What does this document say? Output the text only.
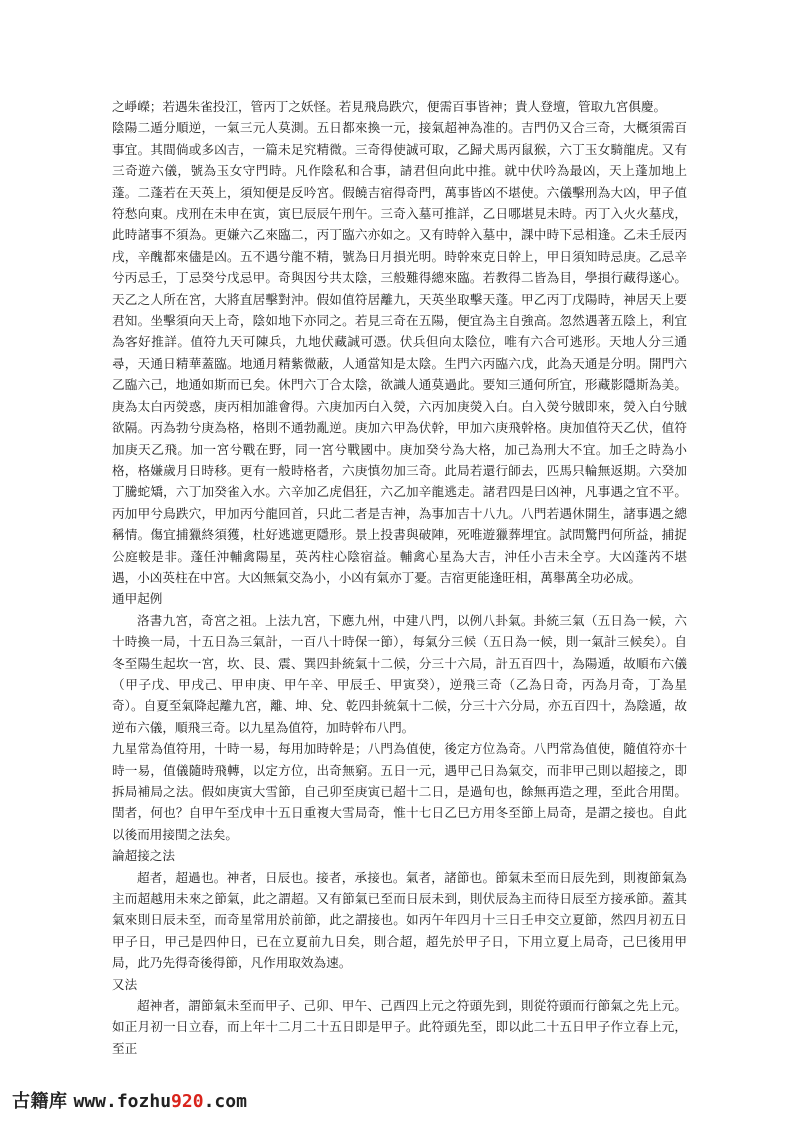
之崢嶸；若遇朱雀投江，管丙丁之妖怪。若見飛鳥跌穴，便需百事皆神；貴人登壇，管取九宮俱慶。

陰陽二遁分順逆，一氣三元人莫測。五日都來換一元，接氣超神為准的。吉門仍又合三奇，大概須需百事宜。其間倘或多凶吉，一篇未足究精微。三奇得使誠可取，乙歸犬馬丙鼠猴，六丁玉女騎龍虎。又有三奇遊六儀，號為玉女守門時。凡作陰私和合事，請君但向此中推。就中伏吟為最凶，天上蓬加地上蓬。二蓬若在天英上，須知便是反吟宮。假饒吉宿得奇門，萬事皆凶不堪使。六儀擊刑為大凶，甲子值符愁向東。戌刑在未申在寅，寅巳辰辰午刑午。三奇入墓可推詳，乙日哪堪見未時。丙丁入火火墓戌，此時諸事不須為。更嫌六乙來臨二，丙丁臨六亦如之。又有時幹入墓中，課中時下忌相逢。乙未壬辰丙戌，辛醜都來儘是凶。五不遇兮龍不精，號為日月損光明。時幹來克日幹上，甲日須知時忌庚。乙忌辛兮丙忌壬，丁忌癸兮戊忌甲。奇與因兮共太陰，三般難得總來臨。若教得二皆為目，學損行藏得遂心。天乙之人所在宮，大將直居擊對沖。假如值符居離九，天英坐取擊天蓬。甲乙丙丁戊陽時，神居天上要君知。坐擊須向天上奇，陰如地下亦同之。若見三奇在五陽，便宜為主自強高。忽然遇著五陰上，利宜為客好推詳。值符九天可陳兵，九地伏藏誠可憑。伏兵但向太陰位，唯有六合可逃形。天地人分三通尋，天通日精華蓋臨。地通月精紫微蔽，人通當知是太陰。生門六丙臨六戊，此為天通是分明。開門六乙臨六己，地通如斯而已矣。休門六丁合太陰，欲識人通莫過此。要知三通何所宜，形藏影隱斯為美。庚為太白丙熒惑，庚丙相加誰會得。六庚加丙白入熒，六丙加庚熒入白。白入熒兮賊即來，熒入白兮賊欲隔。丙為勃兮庚為格，格則不通勃亂逆。庚加六甲為伏幹，甲加六庚飛幹格。庚加值符天乙伏，值符加庚天乙飛。加一宮兮戰在野，同一宮兮戰國中。庚加癸兮為大格，加己為刑大不宜。加壬之時為小格，格嫌歲月日時移。更有一般時格者，六庚慎勿加三奇。此局若還行師去，匹馬只輪無返期。六癸加丁騰蛇矯，六丁加癸雀入水。六辛加乙虎倡狂，六乙加辛龍逃走。諸君四是曰凶神，凡事遇之宜不平。丙加甲兮鳥跌穴，甲加丙兮龍回首，只此二者是吉神，為事加吉十八九。八門若遇休開生，諸事遇之總稱情。傷宜捕獵終須獲，杜好逃遮更隱形。景上投書與破陣，死唯遊獵葬埋宜。試問驚門何所益，捕捉公庭較是非。蓬任沖輔禽陽星，英芮柱心陰宿益。輔禽心星為大吉，沖任小吉未全亨。大凶蓬芮不堪遇，小凶英柱在中宮。大凶無氣交為小，小凶有氣亦丁憂。吉宿更能逢旺相，萬舉萬全功必成。

通甲起例

洛書九宮，奇宮之祖。上法九宮，下應九州，中建八門，以例八卦氣。卦統三氣（五日為一候，六十時換一局，十五日為三氣計，一百八十時保一節），每氣分三候（五日為一候，則一氣計三候矣）。自冬至陽生起坎一宮，坎、艮、震、巽四卦統氣十二候，分三十六局，計五百四十，為陽遁，故順布六儀（甲子戊、甲戌己、甲申庚、甲午辛、甲辰壬、甲寅癸），逆飛三奇（乙為日奇，丙為月奇，丁為星奇）。自夏至氣降起離九宮，離、坤、兌、乾四卦統氣十二候，分三十六分局，亦五百四十，為陰遁，故逆布六儀，順飛三奇。以九星為值符，加時幹布八門。

九星常為值符用，十時一易，每用加時幹是；八門為值使，後定方位為奇。八門常為值使，隨值符亦十時一易，值儀隨時飛轉，以定方位，出奇無窮。五日一元，遇甲己日為氣交，而非甲己則以超接之，即拆局補局之法。假如庚寅大雪節，自己卯至庚寅已超十二日，是過旬也，餘無再造之理，至此合用閏。閏者，何也？自甲午至戊申十五日重複大雪局奇，惟十七日乙巳方用冬至節上局奇，是謂之接也。自此以後而用接閏之法矣。

論超接之法

超者，超過也。神者，日辰也。接者，承接也。氣者，諸節也。節氣未至而日辰先到，則複節氣為主而超越用未來之節氣，此之謂超。又有節氣已至而日辰未到，則伏辰為主而待日辰至方接承節。蓋其氣來則日辰未至，而奇星常用於前節，此之謂接也。如丙午年四月十三日壬申交立夏節，然四月初五日甲子日，甲己是四仲日，已在立夏前九日矣，則合超，超先於甲子日，下用立夏上局奇，己巳後用甲局，此乃先得奇後得節，凡作用取效為速。

又法

超神者，謂節氣未至而甲子、己卯、甲午、己酉四上元之符頭先到，則從符頭而行節氣之先上元。如正月初一日立春，而上年十二月二十五日即是甲子。此符頭先至，即以此二十五日甲子作立春上元，至正

古籍库 www.fozhu920.com
